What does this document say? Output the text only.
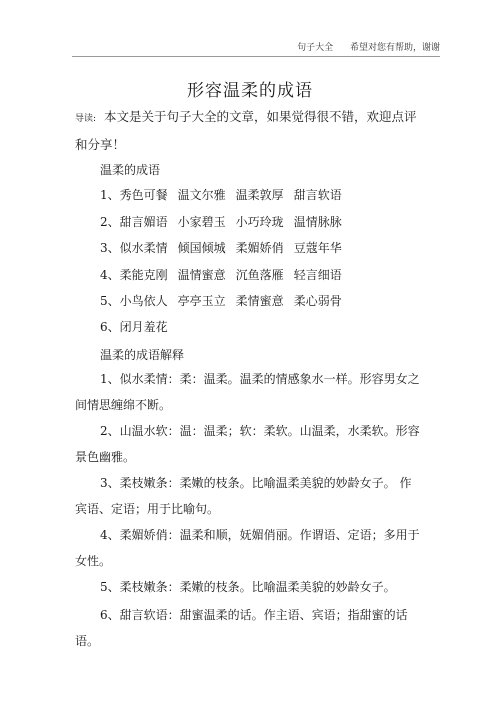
句子大全 希望对您有帮助，谢谢
形容温柔的成语
导读: 本文是关于句子大全的文章，如果觉得很不错，欢迎点评和分享！
温柔的成语
1、秀色可餐 温文尔雅 温柔敦厚 甜言软语
2、甜言媚语 小家碧玉 小巧玲珑 温情脉脉
3、似水柔情 倾国倾城 柔媚娇俏 豆蔻年华
4、柔能克刚 温情蜜意 沉鱼落雁 轻言细语
5、小鸟依人 亭亭玉立 柔情蜜意 柔心弱骨
6、闭月羞花
温柔的成语解释
1、似水柔情：柔：温柔。温柔的情感象水一样。形容男女之间情思缠绵不断。
2、山温水软：温：温柔；软：柔软。山温柔，水柔软。形容景色幽雅。
3、柔枝嫩条：柔嫩的枝条。比喻温柔美貌的妙龄女子。 作宾语、定语；用于比喻句。
4、柔媚娇俏：温柔和顺，妩媚俏丽。作谓语、定语；多用于女性。
5、柔枝嫩条：柔嫩的枝条。比喻温柔美貌的妙龄女子。
6、甜言软语：甜蜜温柔的话。作主语、宾语；指甜蜜的话语。
